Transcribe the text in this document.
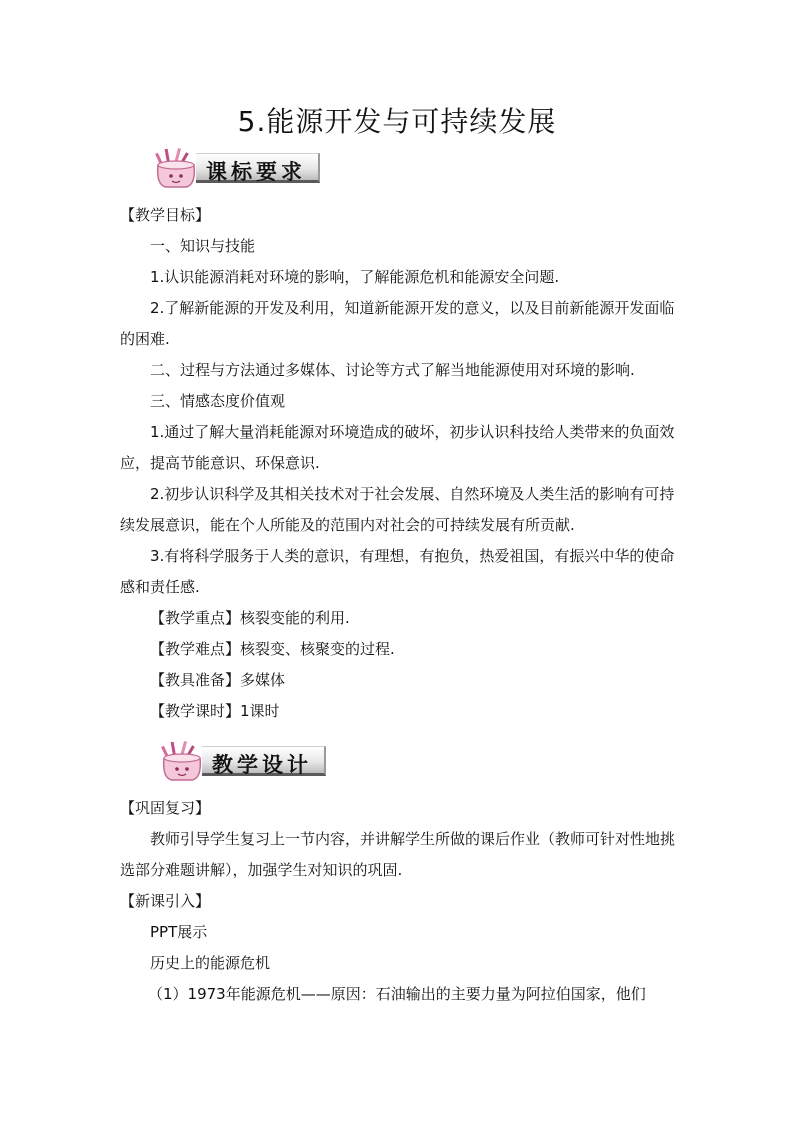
5.能源开发与可持续发展
课标要求

【教学目标】

一、知识与技能

1.认识能源消耗对环境的影响，了解能源危机和能源安全问题.

2.了解新能源的开发及利用，知道新能源开发的意义，以及目前新能源开发面临的困难.

二、过程与方法通过多媒体、讨论等方式了解当地能源使用对环境的影响.

三、情感态度价值观

1.通过了解大量消耗能源对环境造成的破坏，初步认识科技给人类带来的负面效应，提高节能意识、环保意识.

2.初步认识科学及其相关技术对于社会发展、自然环境及人类生活的影响有可持续发展意识，能在个人所能及的范围内对社会的可持续发展有所贡献.

3.有将科学服务于人类的意识，有理想，有抱负，热爱祖国，有振兴中华的使命感和责任感.

【教学重点】核裂变能的利用.

【教学难点】核裂变、核聚变的过程.

【教具准备】多媒体

【教学课时】1课时

教学设计

【巩固复习】

教师引导学生复习上一节内容，并讲解学生所做的课后作业（教师可针对性地挑选部分难题讲解），加强学生对知识的巩固.

【新课引入】

PPT展示

历史上的能源危机

（1）1973年能源危机——原因：石油输出的主要力量为阿拉伯国家，他们
